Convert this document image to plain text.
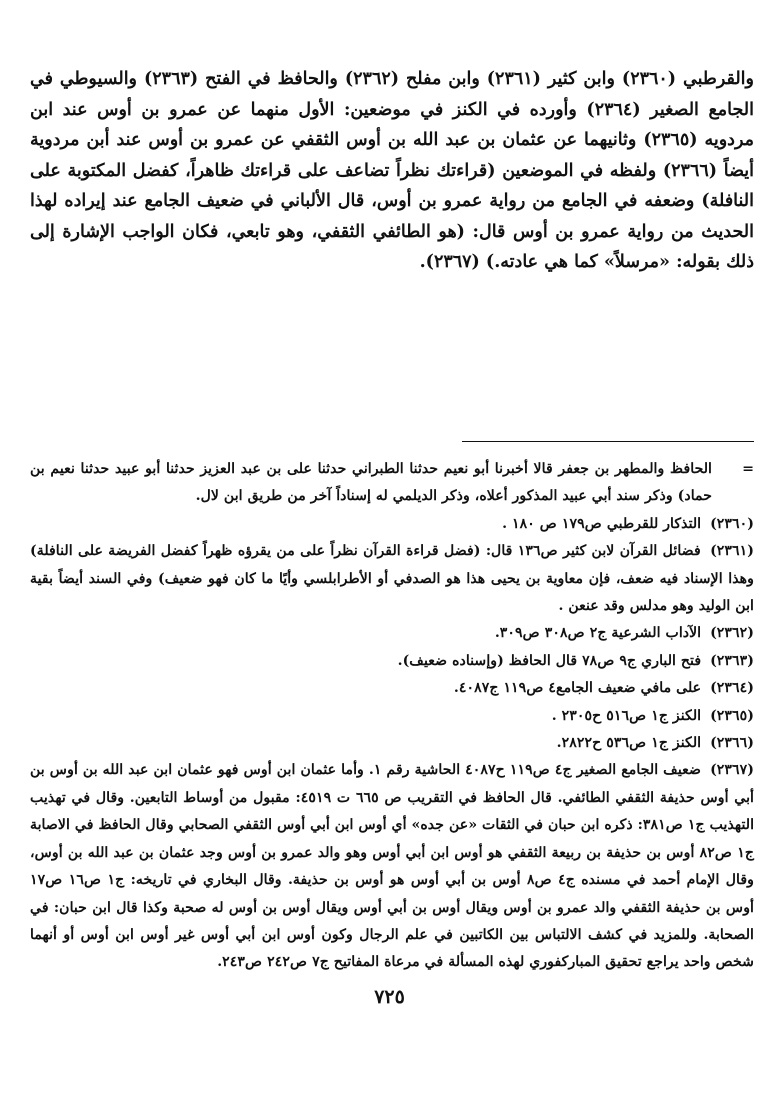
والقرطبي (٢٣٦٠) وابن كثير (٢٣٦١) وابن مفلح (٢٣٦٢) والحافظ في الفتح (٢٣٦٣) والسيوطي في الجامع الصغير (٢٣٦٤) وأورده في الكنز في موضعين: الأول منهما عن عمرو بن أوس عند ابن مردويه (٢٣٦٥) وثانيهما عن عثمان بن عبد الله بن أوس الثقفي عن عمرو بن أوس عند أبن مردوية أيضاً (٢٣٦٦) ولفظه في الموضعين (قراءتك نظراً تضاعف على قراءتك ظاهراً، كفضل المكتوبة على النافلة) وضعفه في الجامع من رواية عمرو بن أوس، قال الألباني في ضعيف الجامع عند إيراده لهذا الحديث من رواية عمرو بن أوس قال: (هو الطائفي الثقفي، وهو تابعي، فكان الواجب الإشارة إلى ذلك بقوله: «مرسلاً» كما هي عادته.) (٢٣٦٧).

=
الحافظ والمطهر بن جعفر قالا أخبرنا أبو نعيم حدثنا الطبراني حدثنا على بن عبد العزيز حدثنا أبو عبيد حدثنا نعيم بن حماد) وذكر سند أبي عبيد المذكور أعلاه، وذكر الديلمي له إسناداً آخر من طريق ابن لال.

(٢٣٦٠) التذكار للقرطبي ص١٧٩ ص ١٨٠ .

(٢٣٦١) فضائل القرآن لابن كثير ص١٣٦ قال: (فضل قراءة القرآن نظراً على من يقرؤه ظهراً كفضل الفريضة على النافلة) وهذا الإسناد فيه ضعف، فإن معاوية بن يحيى هذا هو الصدفي أو الأطرابلسي وأيًا ما كان فهو ضعيف) وفي السند أيضاً بقية ابن الوليد وهو مدلس وقد عنعن .

(٢٣٦٢) الآداب الشرعية ج٢ ص٣٠٨ ص٣٠٩.

(٢٣٦٣) فتح الباري ج٩ ص٧٨ قال الحافظ (وإسناده ضعيف).

(٢٣٦٤) على مافي ضعيف الجامع٤ ص١١٩ ج٤٠٨٧.

(٢٣٦٥) الكنز ج١ ص٥١٦ ح٢٣٠٥ .

(٢٣٦٦) الكنز ج١ ص٥٣٦ ح٢٨٢٢.

(٢٣٦٧) ضعيف الجامع الصغير ج٤ ص١١٩ ح٤٠٨٧ الحاشية رقم ١. وأما عثمان ابن أوس فهو عثمان ابن عبد الله بن أوس بن أبي أوس حذيفة الثقفي الطائفي. قال الحافظ في التقريب ص ٦٦٥ ت ٤٥١٩: مقبول من أوساط التابعين. وقال في تهذيب التهذيب ج١ ص٣٨١: ذكره ابن حبان في الثقات «عن جده» أي أوس ابن أبي أوس الثقفي الصحابي وقال الحافظ في الاصابة ج١ ص٨٢ أوس بن حذيفة بن ربيعة الثقفي هو أوس ابن أبي أوس وهو والد عمرو بن أوس وجد عثمان بن عبد الله بن أوس، وقال الإمام أحمد في مسنده ج٤ ص٨ أوس بن أبي أوس هو أوس بن حذيفة. وقال البخاري في تاريخه: ج١ ص١٦ ص١٧ أوس بن حذيفة الثقفي والد عمرو بن أوس ويقال أوس بن أبي أوس ويقال أوس بن أوس له صحبة وكذا قال ابن حبان: في الصحابة. وللمزيد في كشف الالتباس بين الكاتبين في علم الرجال وكون أوس ابن أبي أوس غير أوس ابن أوس أو أنهما شخص واحد يراجع تحقيق المباركفوري لهذه المسألة في مرعاة المفاتيح ج٧ ص٢٤٢ ص٢٤٣.

٧٢٥
